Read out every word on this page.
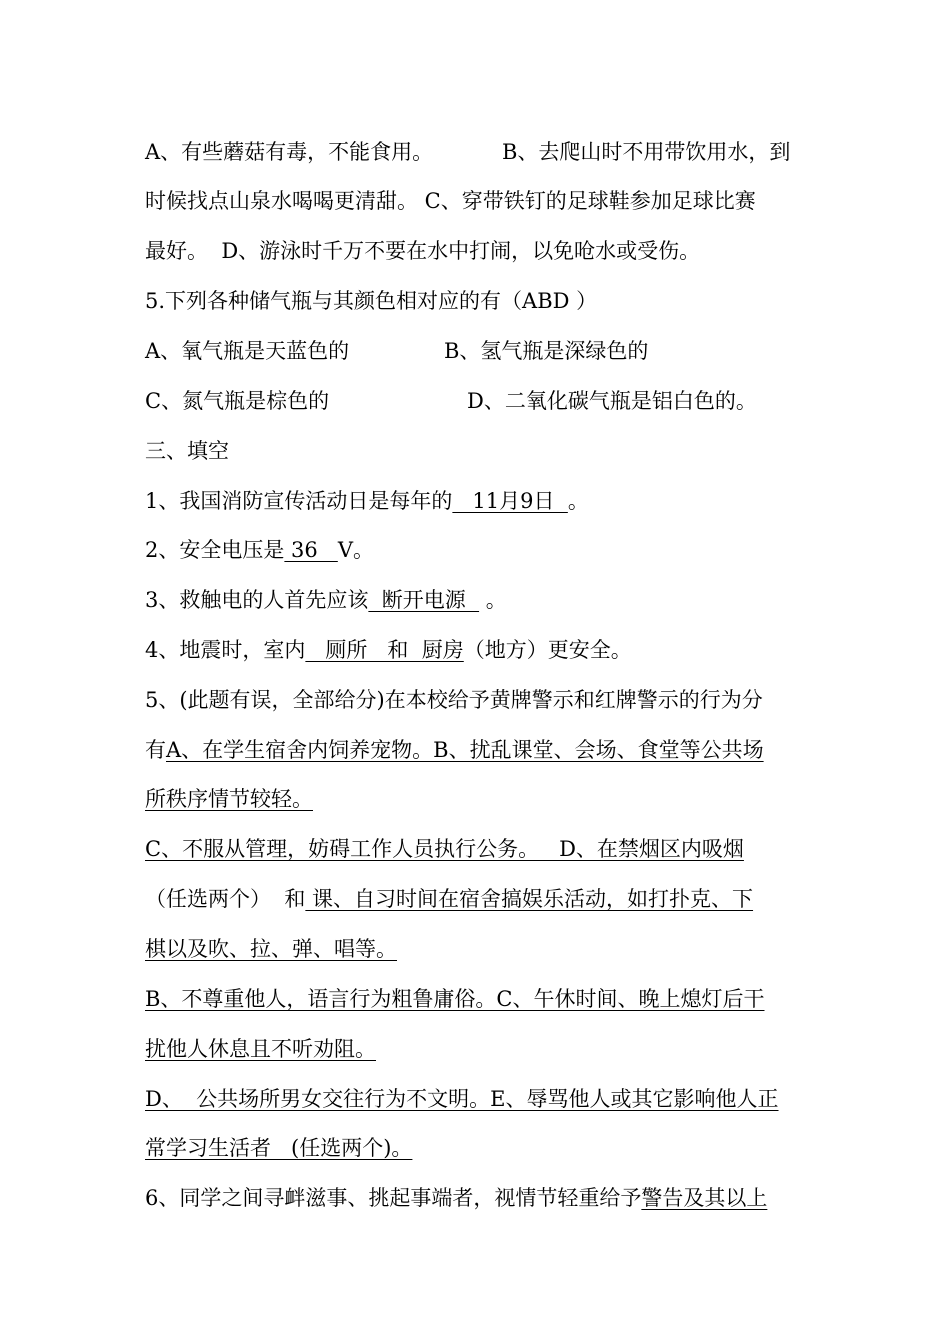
A、有些蘑菇有毒，不能食用。	B、去爬山时不用带饮用水，到
时候找点山泉水喝喝更清甜。 C、穿带铁钉的足球鞋参加足球比赛
最好。  D、游泳时千万不要在水中打闹，以免呛水或受伤。
5.下列各种储气瓶与其颜色相对应的有（ABD ）
A、氧气瓶是天蓝色的	B、氢气瓶是深绿色的
C、氮气瓶是棕色的	D、二氧化碳气瓶是铝白色的。
三、填空
1、我国消防宣传活动日是每年的   11月9日  。
2、安全电压是 36   V。
3、救触电的人首先应该  断开电源   。
4、地震时，室内   厕所   和  厨房（地方）更安全。
5、(此题有误，全部给分)在本校给予黄牌警示和红牌警示的行为分
有A、在学生宿舍内饲养宠物。B、扰乱课堂、会场、食堂等公共场
所秩序情节较轻。
C、不服从管理，妨碍工作人员执行公务。   D、在禁烟区内吸烟
（任选两个）  和 课、自习时间在宿舍搞娱乐活动，如打扑克、下
棋以及吹、拉、弹、唱等。
B、不尊重他人，语言行为粗鲁庸俗。C、午休时间、晚上熄灯后干
扰他人休息且不听劝阻。
D、  公共场所男女交往行为不文明。E、辱骂他人或其它影响他人正
常学习生活者   (任选两个)。
6、同学之间寻衅滋事、挑起事端者，视情节轻重给予警告及其以上
